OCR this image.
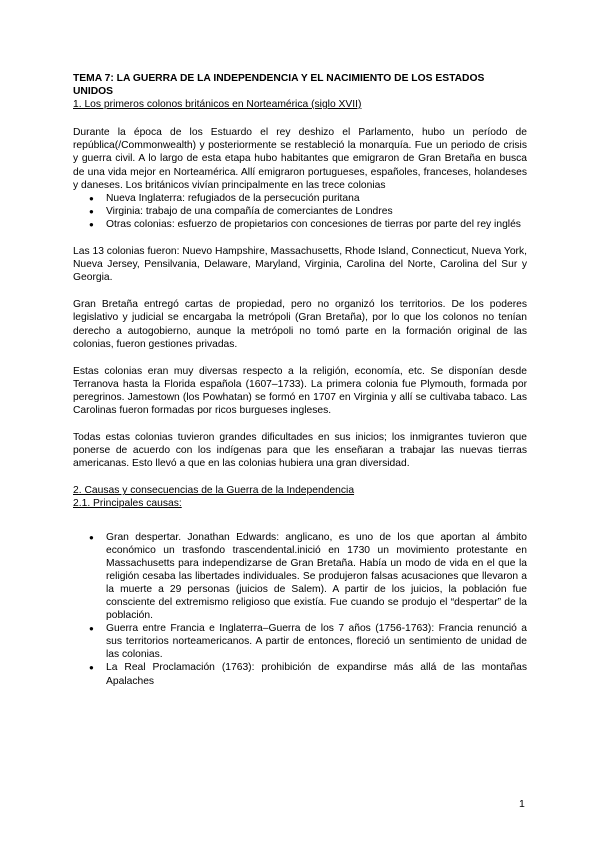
TEMA 7: LA GUERRA DE LA INDEPENDENCIA Y EL NACIMIENTO DE LOS ESTADOS UNIDOS

1. Los primeros colonos británicos en Norteamérica (siglo XVII)

Durante la época de los Estuardo el rey deshizo el Parlamento, hubo un período de república(/Commonwealth) y posteriormente se restableció la monarquía. Fue un periodo de crisis y guerra civil. A lo largo de esta etapa hubo habitantes que emigraron de Gran Bretaña en busca de una vida mejor en Norteamérica. Allí emigraron portugueses, españoles, franceses, holandeses y daneses. Los británicos vivían principalmente en las trece colonias

● Nueva Inglaterra: refugiados de la persecución puritana
● Virginia: trabajo de una compañía de comerciantes de Londres
● Otras colonias: esfuerzo de propietarios con concesiones de tierras por parte del rey inglés

Las 13 colonias fueron: Nuevo Hampshire, Massachusetts, Rhode Island, Connecticut, Nueva York, Nueva Jersey, Pensilvania, Delaware, Maryland, Virginia, Carolina del Norte, Carolina del Sur y Georgia.

Gran Bretaña entregó cartas de propiedad, pero no organizó los territorios. De los poderes legislativo y judicial se encargaba la metrópoli (Gran Bretaña), por lo que los colonos no tenían derecho a autogobierno, aunque la metrópoli no tomó parte en la formación original de las colonias, fueron gestiones privadas.

Estas colonias eran muy diversas respecto a la religión, economía, etc. Se disponían desde Terranova hasta la Florida española (1607–1733). La primera colonia fue Plymouth, formada por peregrinos. Jamestown (los Powhatan) se formó en 1707 en Virginia y allí se cultivaba tabaco. Las Carolinas fueron formadas por ricos burgueses ingleses.

Todas estas colonias tuvieron grandes dificultades en sus inicios; los inmigrantes tuvieron que ponerse de acuerdo con los indígenas para que les enseñaran a trabajar las nuevas tierras americanas. Esto llevó a que en las colonias hubiera una gran diversidad.

2. Causas y consecuencias de la Guerra de la Independencia

2.1. Principales causas:

● Gran despertar. Jonathan Edwards: anglicano, es uno de los que aportan al ámbito económico un trasfondo trascendental.inició en 1730 un movimiento protestante en Massachusetts para independizarse de Gran Bretaña. Había un modo de vida en el que la religión cesaba las libertades individuales. Se produjeron falsas acusaciones que llevaron a la muerte a 29 personas (juicios de Salem). A partir de los juicios, la población fue consciente del extremismo religioso que existía. Fue cuando se produjo el “despertar” de la población.
● Guerra entre Francia e Inglaterra–Guerra de los 7 años (1756-1763): Francia renunció a sus territorios norteamericanos. A partir de entonces, floreció un sentimiento de unidad de las colonias.
● La Real Proclamación (1763): prohibición de expandirse más allá de las montañas Apalaches
1
